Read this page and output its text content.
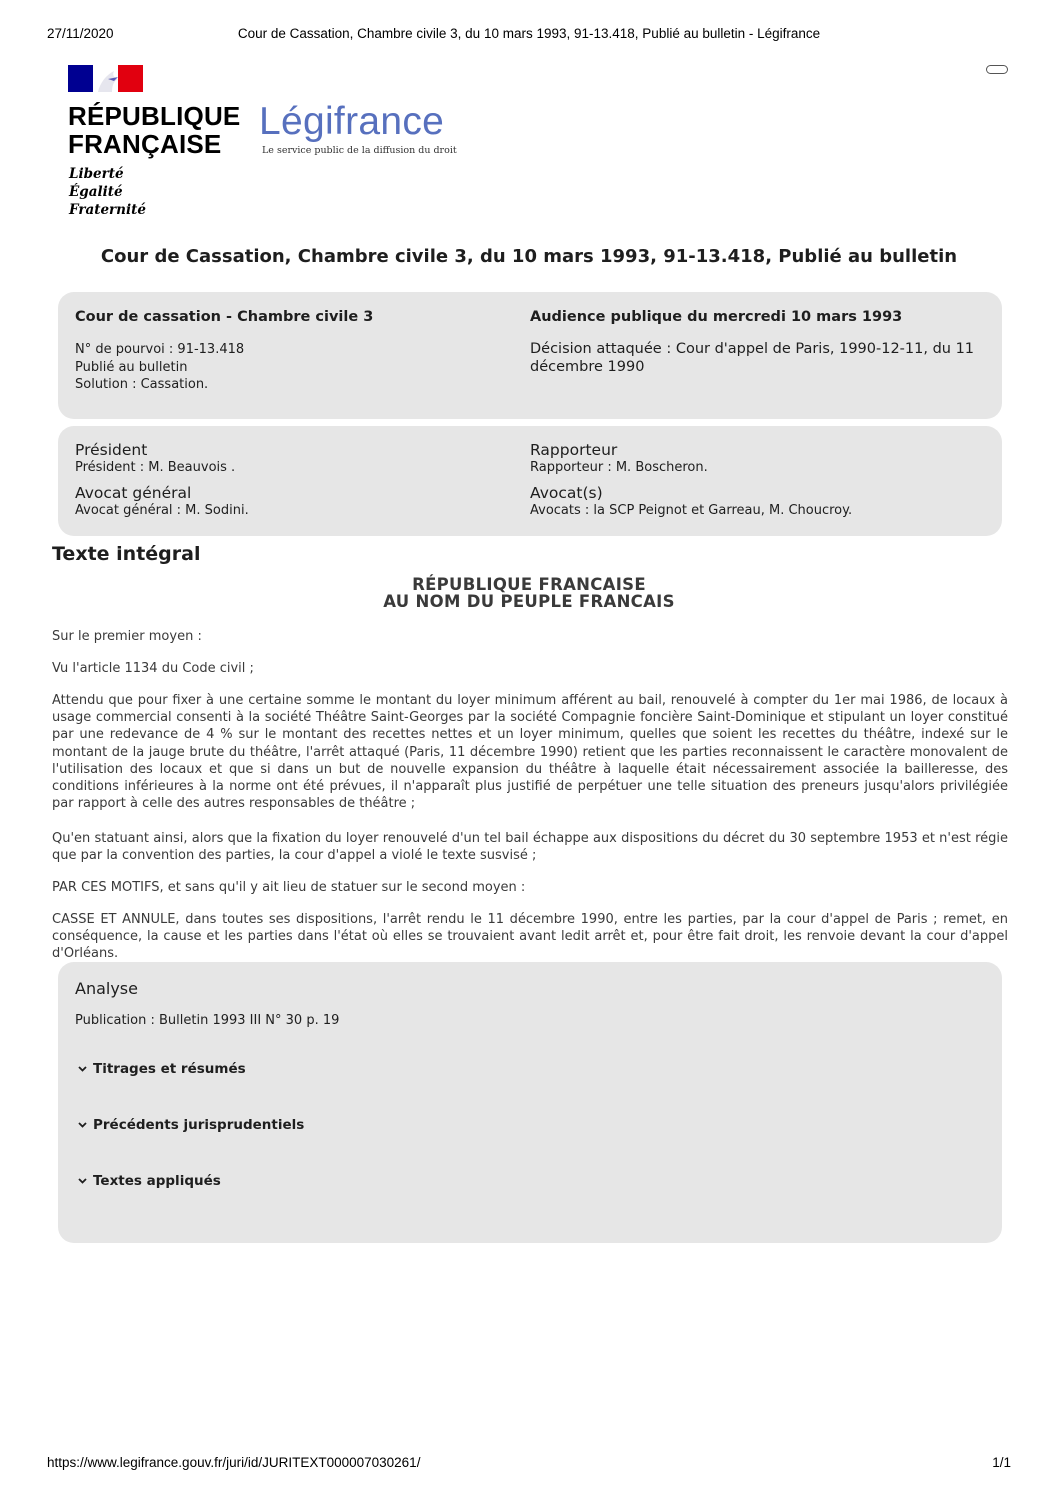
27/11/2020	Cour de Cassation, Chambre civile 3, du 10 mars 1993, 91-13.418, Publié au bulletin - Légifrance
RÉPUBLIQUE
FRANÇAISE
Liberté
Égalité
Fraternité
Légifrance
Le service public de la diffusion du droit
Cour de Cassation, Chambre civile 3, du 10 mars 1993, 91-13.418, Publié au bulletin
Cour de cassation - Chambre civile 3
N° de pourvoi : 91-13.418
Publié au bulletin
Solution : Cassation.
Audience publique du mercredi 10 mars 1993
Décision attaquée : Cour d'appel de Paris, 1990-12-11, du 11 décembre 1990
Président
Président : M. Beauvois .
Avocat général
Avocat général : M. Sodini.
Rapporteur
Rapporteur : M. Boscheron.
Avocat(s)
Avocats : la SCP Peignot et Garreau, M. Choucroy.
Texte intégral
RÉPUBLIQUE FRANCAISE
AU NOM DU PEUPLE FRANCAIS

Sur le premier moyen :

Vu l'article 1134 du Code civil ;

Attendu que pour fixer à une certaine somme le montant du loyer minimum afférent au bail, renouvelé à compter du 1er mai 1986, de locaux à usage commercial consenti à la société Théâtre Saint-Georges par la société Compagnie foncière Saint-Dominique et stipulant un loyer constitué par une redevance de 4 % sur le montant des recettes nettes et un loyer minimum, quelles que soient les recettes du théâtre, indexé sur le montant de la jauge brute du théâtre, l'arrêt attaqué (Paris, 11 décembre 1990) retient que les parties reconnaissent le caractère monovalent de l'utilisation des locaux et que si dans un but de nouvelle expansion du théâtre à laquelle était nécessairement associée la bailleresse, des conditions inférieures à la norme ont été prévues, il n'apparaît plus justifié de perpétuer une telle situation des preneurs jusqu'alors privilégiée par rapport à celle des autres responsables de théâtre ;

Qu'en statuant ainsi, alors que la fixation du loyer renouvelé d'un tel bail échappe aux dispositions du décret du 30 septembre 1953 et n'est régie que par la convention des parties, la cour d'appel a violé le texte susvisé ;

PAR CES MOTIFS, et sans qu'il y ait lieu de statuer sur le second moyen :

CASSE ET ANNULE, dans toutes ses dispositions, l'arrêt rendu le 11 décembre 1990, entre les parties, par la cour d'appel de Paris ; remet, en conséquence, la cause et les parties dans l'état où elles se trouvaient avant ledit arrêt et, pour être fait droit, les renvoie devant la cour d'appel d'Orléans.

Analyse
Publication : Bulletin 1993 III N° 30 p. 19
Titrages et résumés
Précédents jurisprudentiels
Textes appliqués
https://www.legifrance.gouv.fr/juri/id/JURITEXT000007030261/	1/1
